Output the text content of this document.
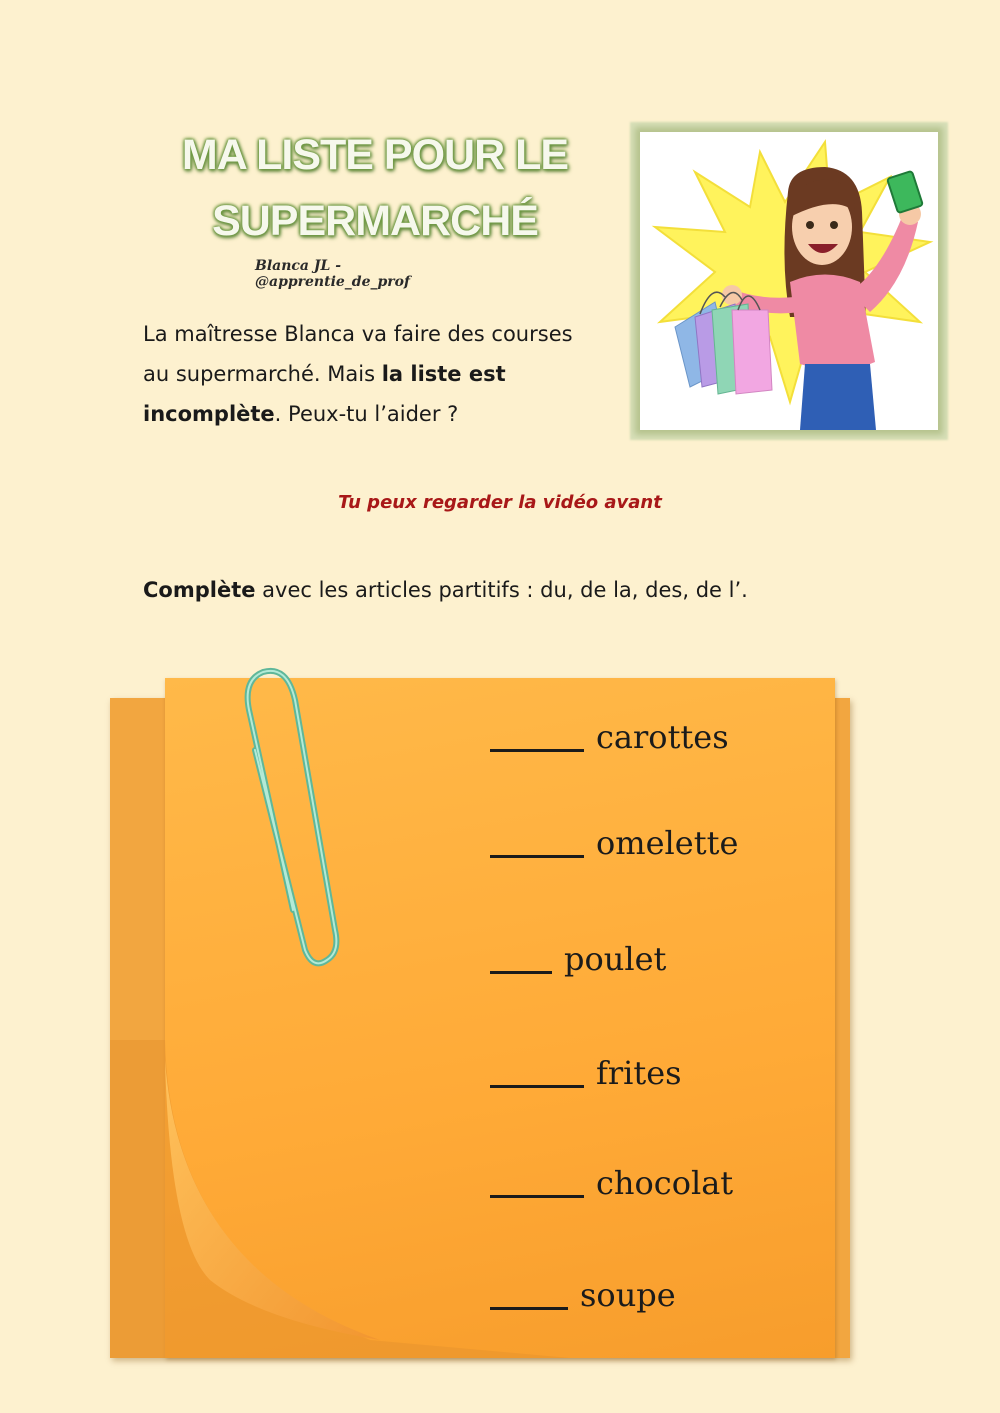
MA LISTE POUR LE
SUPERMARCHÉ
Blanca JL - @apprentie_de_prof
La maîtresse Blanca va faire des courses au supermarché. Mais la liste est incomplète. Peux-tu l’aider ?
Tu peux regarder la vidéo avant
Complète avec les articles partitifs : du, de la, des, de l’.
carottes
omelette
poulet
frites
chocolat
soupe
